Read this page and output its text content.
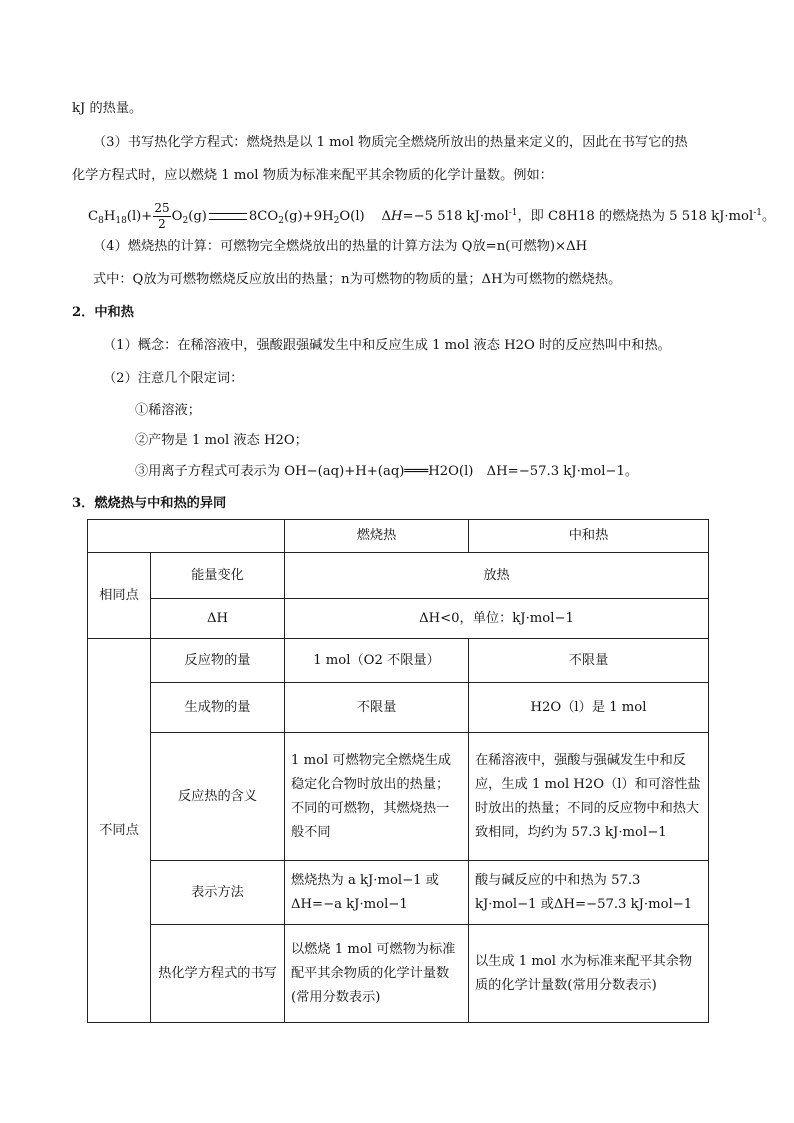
kJ 的热量。
（3）书写热化学方程式：燃烧热是以 1 mol 物质完全燃烧所放出的热量来定义的，因此在书写它的热
化学方程式时，应以燃烧 1 mol 物质为标准来配平其余物质的化学计量数。例如：
$C_8H_{18}(l)+ \frac{25}{2} O_2(g)$	$8CO_2(g)+9H_2O(l)$    ΔH=−5 518 kJ·mol$^{-1}$，即 C8H18 的燃烧热为 5 518 kJ·mol$^{-1}$。
（4）燃烧热的计算：可燃物完全燃烧放出的热量的计算方法为 Q放=n(可燃物)×ΔH
式中：Q放为可燃物燃烧反应放出的热量；n为可燃物的物质的量；ΔH为可燃物的燃烧热。
2．中和热
（1）概念：在稀溶液中，强酸跟强碱发生中和反应生成 1 mol 液态 H2O 时的反应热叫中和热。
（2）注意几个限定词：
①稀溶液；
②产物是 1 mol 液态 H2O；
③用离子方程式可表示为 OH−(aq)+H+(aq)═══H2O(l)　ΔH=−57.3 kJ·mol−1。
3．燃烧热与中和热的异同
		燃烧热	中和热
相同点	能量变化	放热	
	ΔH	ΔH<0，单位：kJ·mol−1	
不同点	反应物的量	1 mol（O2 不限量）	不限量
	生成物的量	不限量	H2O（l）是 1 mol
	反应热的含义	1 mol 可燃物完全燃烧生成稳定化合物时放出的热量；不同的可燃物，其燃烧热一般不同	在稀溶液中，强酸与强碱发生中和反应，生成 1 mol H2O（l）和可溶性盐时放出的热量；不同的反应物中和热大致相同，均约为 57.3 kJ·mol−1
	表示方法	燃烧热为 a kJ·mol−1 或ΔH=−a kJ·mol−1	酸与碱反应的中和热为 57.3 kJ·mol−1 或ΔH=−57.3 kJ·mol−1
	热化学方程式的书写	以燃烧 1 mol 可燃物为标准配平其余物质的化学计量数(常用分数表示)	以生成 1 mol 水为标准来配平其余物质的化学计量数(常用分数表示)
